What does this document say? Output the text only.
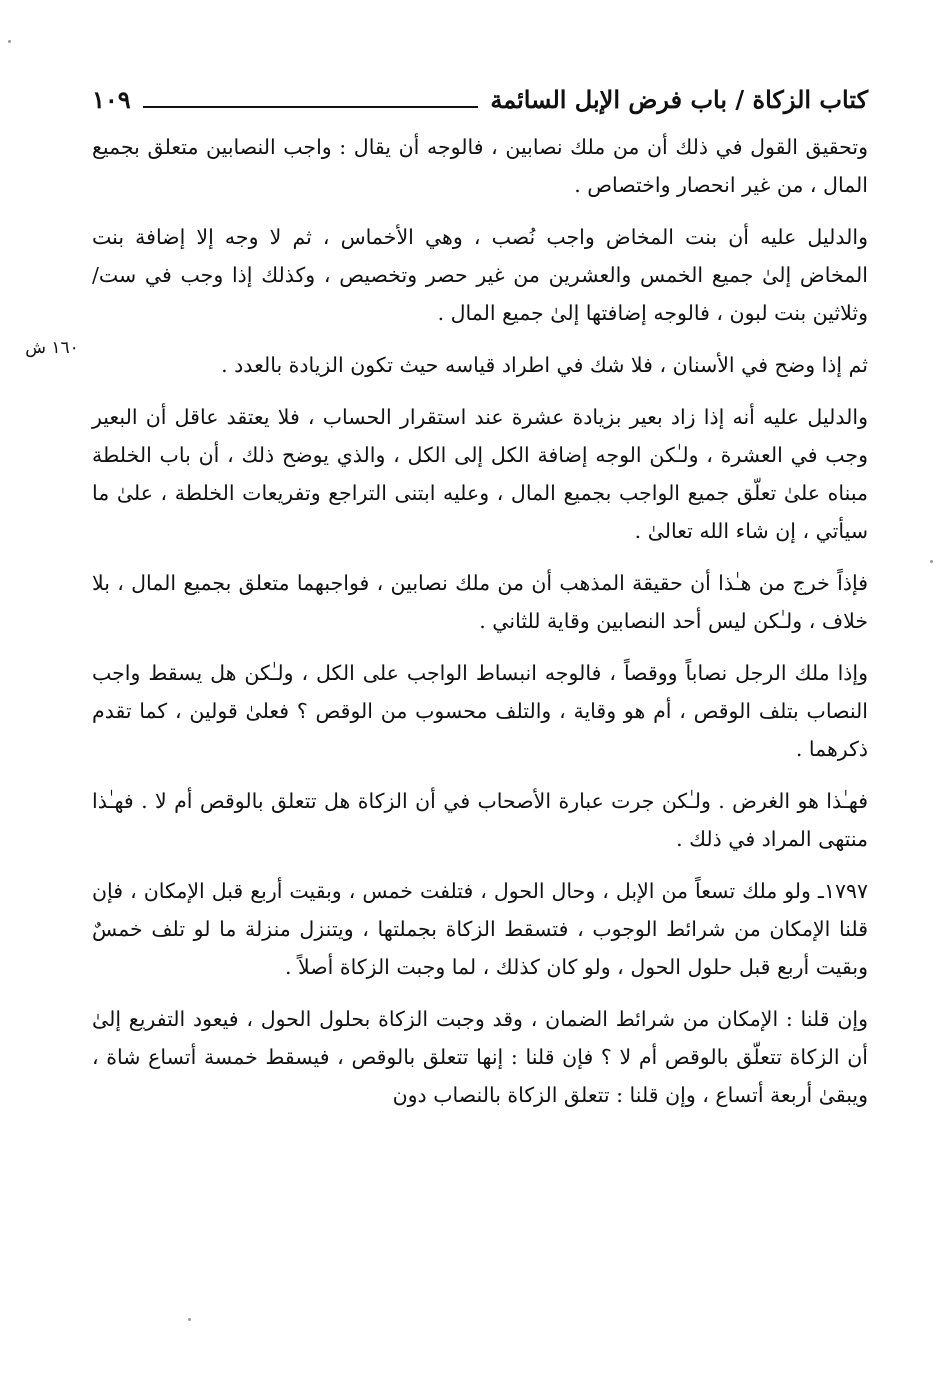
كتاب الزكاة / باب فرض الإبل السائمة
١٠٩
١٦٠ ش

وتحقيق القول في ذلك أن من ملك نصابين ، فالوجه أن يقال : واجب النصابين متعلق بجميع المال ، من غير انحصار واختصاص .

والدليل عليه أن بنت المخاض واجب نُصب ، وهي الأخماس ، ثم لا وجه إلا إضافة بنت المخاض إلىٰ جميع الخمس والعشرين من غير حصر وتخصيص ، وكذلك إذا وجب في ست/ وثلاثين بنت لبون ، فالوجه إضافتها إلىٰ جميع المال .

ثم إذا وضح في الأسنان ، فلا شك في اطراد قياسه حيث تكون الزيادة بالعدد .

والدليل عليه أنه إذا زاد بعير بزيادة عشرة عند استقرار الحساب ، فلا يعتقد عاقل أن البعير وجب في العشرة ، ولـٰكن الوجه إضافة الكل إلى الكل ، والذي يوضح ذلك ، أن باب الخلطة مبناه علىٰ تعلّق جميع الواجب بجميع المال ، وعليه ابتنى التراجع وتفريعات الخلطة ، علىٰ ما سيأتي ، إن شاء الله تعالىٰ .

فإذاً خرج من هـٰذا أن حقيقة المذهب أن من ملك نصابين ، فواجبهما متعلق بجميع المال ، بلا خلاف ، ولـٰكن ليس أحد النصابين وقاية للثاني .

وإذا ملك الرجل نصاباً ووقصاً ، فالوجه انبساط الواجب على الكل ، ولـٰكن هل يسقط واجب النصاب بتلف الوقص ، أم هو وقاية ، والتلف محسوب من الوقص ؟ فعلىٰ قولين ، كما تقدم ذكرهما .

فهـٰذا هو الغرض . ولـٰكن جرت عبارة الأصحاب في أن الزكاة هل تتعلق بالوقص أم لا . فهـٰذا منتهى المراد في ذلك .

١٧٩٧ـ ولو ملك تسعاً من الإبل ، وحال الحول ، فتلفت خمس ، وبقيت أربع قبل الإمكان ، فإن قلنا الإمكان من شرائط الوجوب ، فتسقط الزكاة بجملتها ، ويتنزل منزلة ما لو تلف خمسٌ وبقيت أربع قبل حلول الحول ، ولو كان كذلك ، لما وجبت الزكاة أصلاً .

وإن قلنا : الإمكان من شرائط الضمان ، وقد وجبت الزكاة بحلول الحول ، فيعود التفريع إلىٰ أن الزكاة تتعلّق بالوقص أم لا ؟ فإن قلنا : إنها تتعلق بالوقص ، فيسقط خمسة أتساع شاة ، ويبقىٰ أربعة أتساع ، وإن قلنا : تتعلق الزكاة بالنصاب دون
